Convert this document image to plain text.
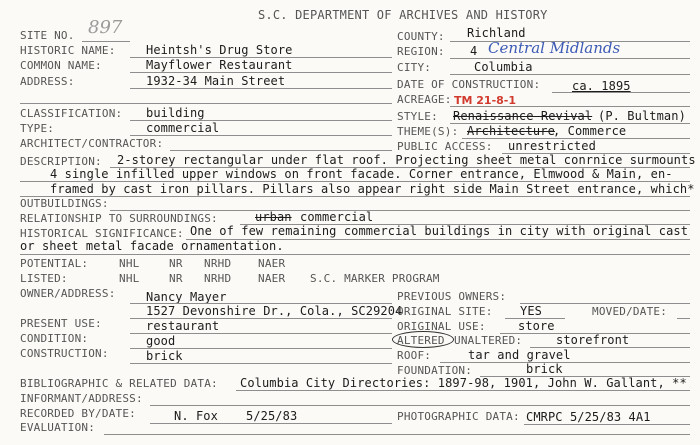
S.C. DEPARTMENT OF ARCHIVES AND HISTORY
SITE NO. 897
HISTORIC NAME:	Heintsh's Drug Store
COMMON NAME:	Mayflower Restaurant
ADDRESS:	1932-34 Main Street
COUNTY: Richland
REGION: 4 Central Midlands
CITY:	Columbia
DATE OF CONSTRUCTION:	ca. 1895
ACREAGE: TM 21-8-1
CLASSIFICATION: building
TYPE:	commercial
ARCHITECT/CONTRACTOR:
STYLE: Renaissance Revival (P. Bultman)
THEME(S): Architecture
, Commerce
PUBLIC ACCESS: unrestricted
DESCRIPTION: 2-storey rectangular under flat roof. Projecting sheet metal conrnice surmounts
4 single infilled upper windows on front facade. Corner entrance, Elmwood & Main, en-
framed by cast iron pillars. Pillars also appear right side Main Street entrance, which*
OUTBUILDINGS:
RELATIONSHIP TO SURROUNDINGS:	urban commercial
HISTORICAL SIGNIFICANCE: One of few remaining commercial buildings in city with original cast
or sheet metal facade ornamentation.
POTENTIAL:	NHL	NR NRHD NAER
LISTED:	NHL	NR NRHD NAER S.C. MARKER PROGRAM
OWNER/ADDRESS:	Nancy Mayer
1527 Devonshire Dr., Cola., SC29204
PRESENT USE:	restaurant
CONDITION:	good
CONSTRUCTION:	brick
PREVIOUS OWNERS:
ORIGINAL SITE: YES	MOVED/DATE:
ORIGINAL USE:	store
ALTERED UNALTERED:	storefront
ROOF:	tar and gravel
FOUNDATION:	brick
BIBLIOGRAPHIC & RELATED DATA: Columbia City Directories: 1897-98, 1901, John W. Gallant, **
INFORMANT/ADDRESS:
RECORDED BY/DATE:	N. Fox 5/25/83	PHOTOGRAPHIC DATA: CMRPC 5/25/83 4A1
EVALUATION:
